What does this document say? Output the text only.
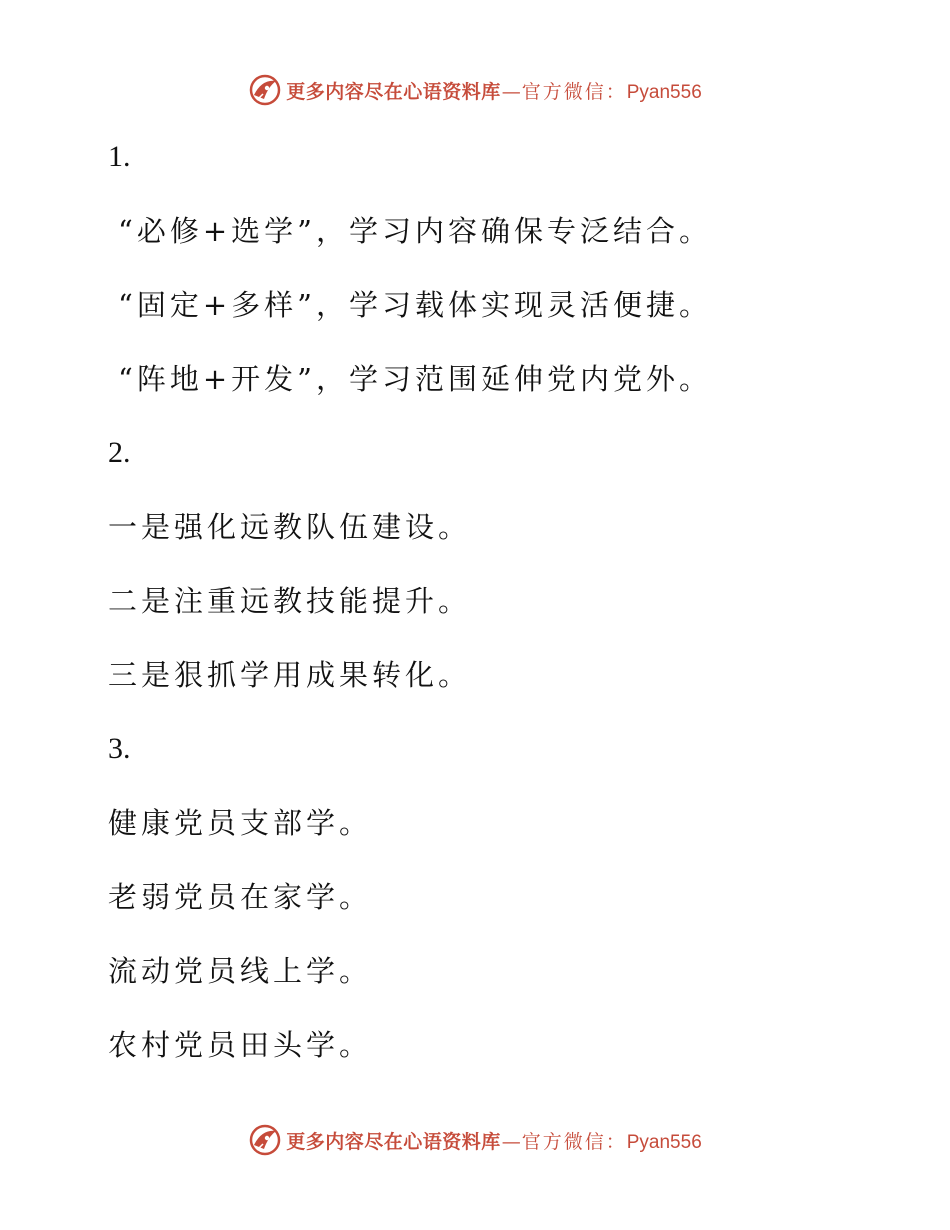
更多内容尽在心语资料库 — 官方微信： Pyan556
1.
“必修+选学”，学习内容确保专泛结合。
“固定+多样”，学习载体实现灵活便捷。
“阵地+开发”，学习范围延伸党内党外。
2.
一是强化远教队伍建设。
二是注重远教技能提升。
三是狠抓学用成果转化。
3.
健康党员支部学。
老弱党员在家学。
流动党员线上学。
农村党员田头学。
更多内容尽在心语资料库 — 官方微信： Pyan556
